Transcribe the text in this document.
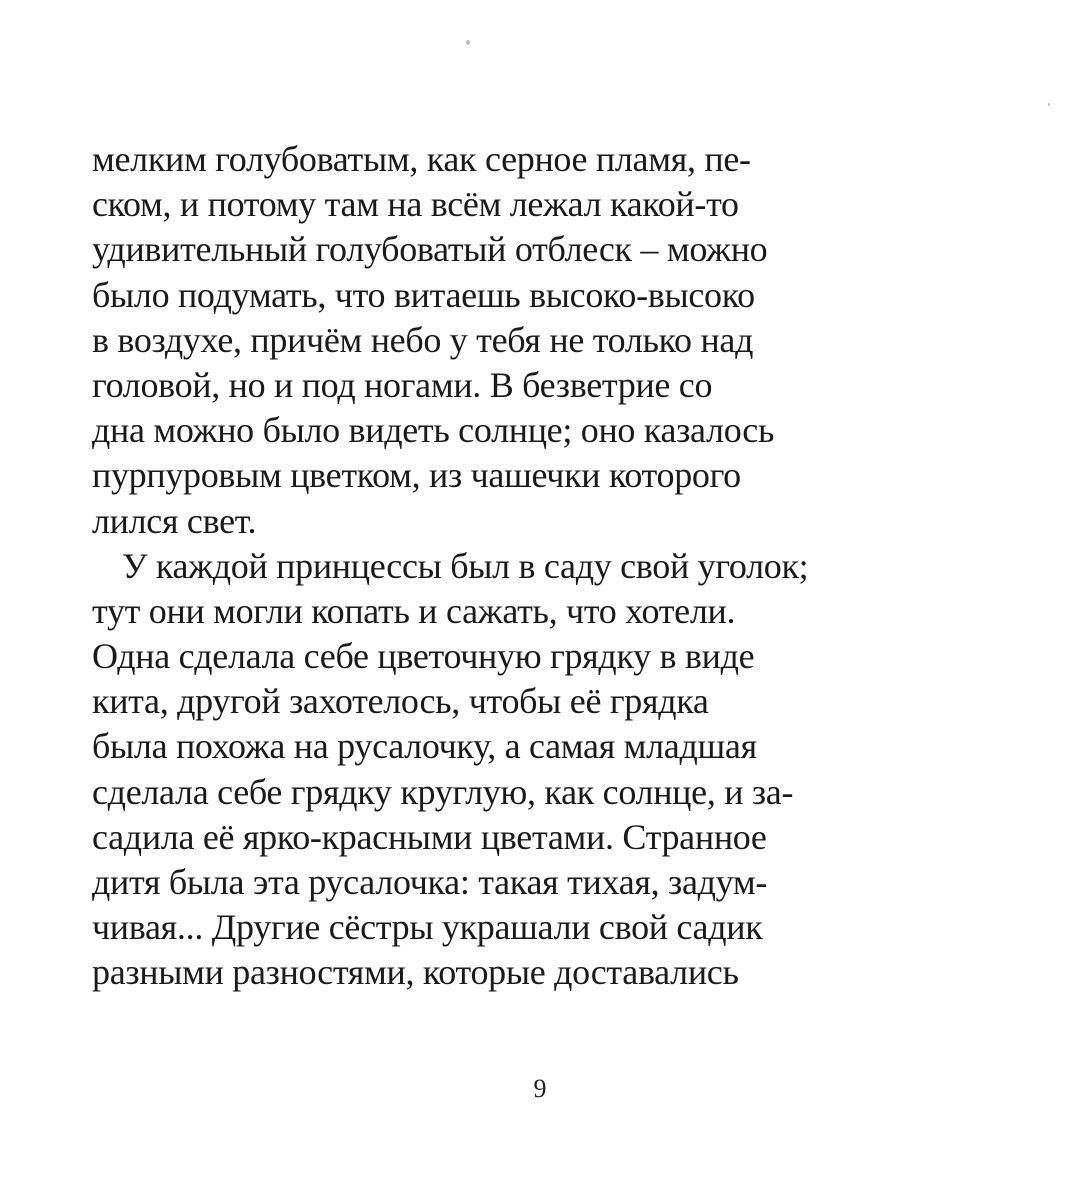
мелким голубоватым, как серное пламя, пе-
ском, и потому там на всём лежал какой-то
удивительный голубоватый отблеск – можно
было подумать, что витаешь высоко-высоко
в воздухе, причём небо у тебя не только над
головой, но и под ногами. В безветрие со
дна можно было видеть солнце; оно казалось
пурпуровым цветком, из чашечки которого
лился свет.
У каждой принцессы был в саду свой уголок;
тут они могли копать и сажать, что хотели.
Одна сделала себе цветочную грядку в виде
кита, другой захотелось, чтобы её грядка
была похожа на русалочку, а самая младшая
сделала себе грядку круглую, как солнце, и за-
садила её ярко-красными цветами. Странное
дитя была эта русалочка: такая тихая, задум-
чивая... Другие сёстры украшали свой садик
разными разностями, которые доставались
9
